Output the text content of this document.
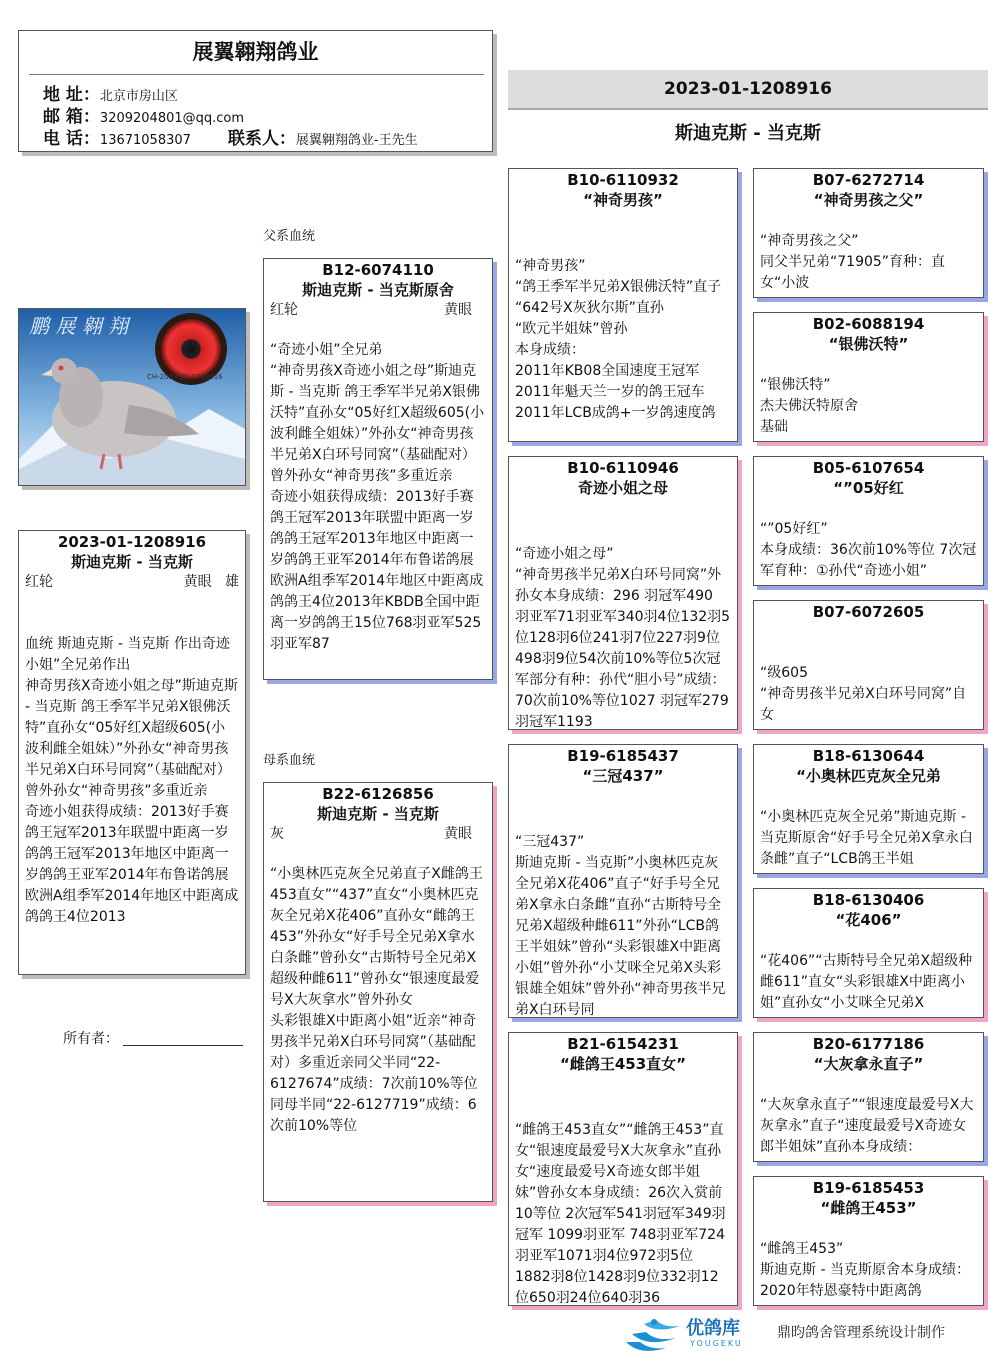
展翼翱翔鸽业
地 址：北京市房山区
邮 箱：3209204801@qq.com
电 话：13671058307 联系人：展翼翱翔鸽业-王先生
2023-01-1208916
斯迪克斯 - 当克斯
父系血统
母系血统
鹏 展 翱 翔
CH-2023-01-1208916
2023-01-1208916
斯迪克斯 - 当克斯
红轮	黄眼 雄
血统 斯迪克斯 - 当克斯 作出奇迹小姐”全兄弟作出
神奇男孩X奇迹小姐之母”斯迪克斯 - 当克斯 鸽王季军半兄弟X银佛沃特”直孙女“05好红X超级605(小波利雌全姐妹）”外孙女“神奇男孩半兄弟X白环号同窝”（基础配对）曾外孙女“神奇男孩”多重近亲
奇迹小姐获得成绩：2013好手赛鸽王冠军2013年联盟中距离一岁鸽鸽王冠军2013年地区中距离一岁鸽鸽王亚军2014年布鲁诺鸽展欧洲A组季军2014年地区中距离成鸽鸽王4位2013
所有者：
B12-6074110
斯迪克斯 - 当克斯原舍
红轮	黄眼
“奇迹小姐”全兄弟
“神奇男孩X奇迹小姐之母”斯迪克斯 - 当克斯 鸽王季军半兄弟X银佛沃特”直孙女“05好红X超级605(小波利雌全姐妹）”外孙女“神奇男孩半兄弟X白环号同窝”（基础配对）曾外孙女“神奇男孩”多重近亲
奇迹小姐获得成绩：2013好手赛鸽王冠军2013年联盟中距离一岁鸽鸽王冠军2013年地区中距离一岁鸽鸽王亚军2014年布鲁诺鸽展欧洲A组季军2014年地区中距离成鸽鸽王4位2013年KBDB全国中距离一岁鸽鸽王15位768羽亚军525羽亚军87
B22-6126856
斯迪克斯 - 当克斯
灰	黄眼
“小奥林匹克灰全兄弟直子X雌鸽王453直女”“437”直女“小奥林匹克灰全兄弟X花406”直孙女“雌鸽王453”外孙女“好手号全兄弟X拿水白条雌”曾孙女“古斯特号全兄弟X超级种雌611”曾孙女“银速度最爱号X大灰拿水”曾外孙女
头彩银雄X中距离小姐”近亲“神奇男孩半兄弟X白环号同窝”（基础配对）多重近亲同父半同“22-6127674”成绩：7次前10%等位同母半同“22-6127719”成绩：6次前10%等位
B10-6110932
“神奇男孩”
“神奇男孩”
“鸽王季军半兄弟X银佛沃特”直子
“642号X灰狄尔斯”直孙
“欧元半姐妹”曾孙
本身成绩：
2011年KB08全国速度王冠军
2011年魁天兰一岁的鸽王冠车
2011年LCB成鸽+一岁鸽速度鸽
B10-6110946
奇迹小姐之母
“奇迹小姐之母”
“神奇男孩半兄弟X白环号同窝”外孙女本身成绩：296 羽冠军490 羽亚军71羽亚军340羽4位132羽5位128羽6位241羽7位227羽9位498羽9位54次前10%等位5次冠军部分有种：孙代“胆小号”成绩：70次前10%等位1027 羽冠军279羽冠军1193
B19-6185437
“三冠437”
“三冠437”
斯迪克斯 - 当克斯”小奥林匹克灰全兄弟X花406”直子“好手号全兄弟X拿永白条雌”直孙“古斯特号全兄弟X超级种雌611”外孙“LCB鸽王半姐妹”曾孙“头彩银雄X中距离小姐”曾外孙“小艾咪全兄弟X头彩银雄全姐妹”曾外孙“神奇男孩半兄弟X白环号同
B21-6154231
“雌鸽王453直女”
“雌鸽王453直女”“雌鸽王453”直女“银速度最爱号X大灰拿永”直孙女“速度最爱号X奇迹女郎半姐妹”曾孙女本身成绩：26次入赏前10等位 2次冠军541羽冠军349羽冠军 1099羽亚军 748羽亚军724羽亚军1071羽4位972羽5位 1882羽8位1428羽9位332羽12位650羽24位640羽36
B07-6272714
“神奇男孩之父”
“神奇男孩之父”
同父半兄弟“71905”育种：直女“小波
B02-6088194
“银佛沃特”
“银佛沃特”
杰夫佛沃特原舍
基础
B05-6107654
“”05好红
“”05好红”
本身成绩：36次前10%等位 7次冠军育种：①孙代“奇迹小姐”
B07-6072605
“级605
“神奇男孩半兄弟X白环号同窝”自女
B18-6130644
“小奥林匹克灰全兄弟
“小奥林匹克灰全兄弟”斯迪克斯 - 当克斯原舍“好手号全兄弟X拿永白条雌”直子“LCB鸽王半姐
B18-6130406
“花406”
“花406”“古斯特号全兄弟X超级种雌611”直女“头彩银雄X中距离小姐”直孙女“小艾咪全兄弟X
B20-6177186
“大灰拿永直子”
“大灰拿永直子”“银速度最爱号X大灰拿永”直子“速度最爱号X奇迹女郎半姐妹”直孙本身成绩：
B19-6185453
“雌鸽王453”
“雌鸽王453”
斯迪克斯 - 当克斯原舍本身成绩：2020年特恩豪特中距离鸽
优鸽库
YOUGEKU
鼎昀鸽舍管理系统设计制作
